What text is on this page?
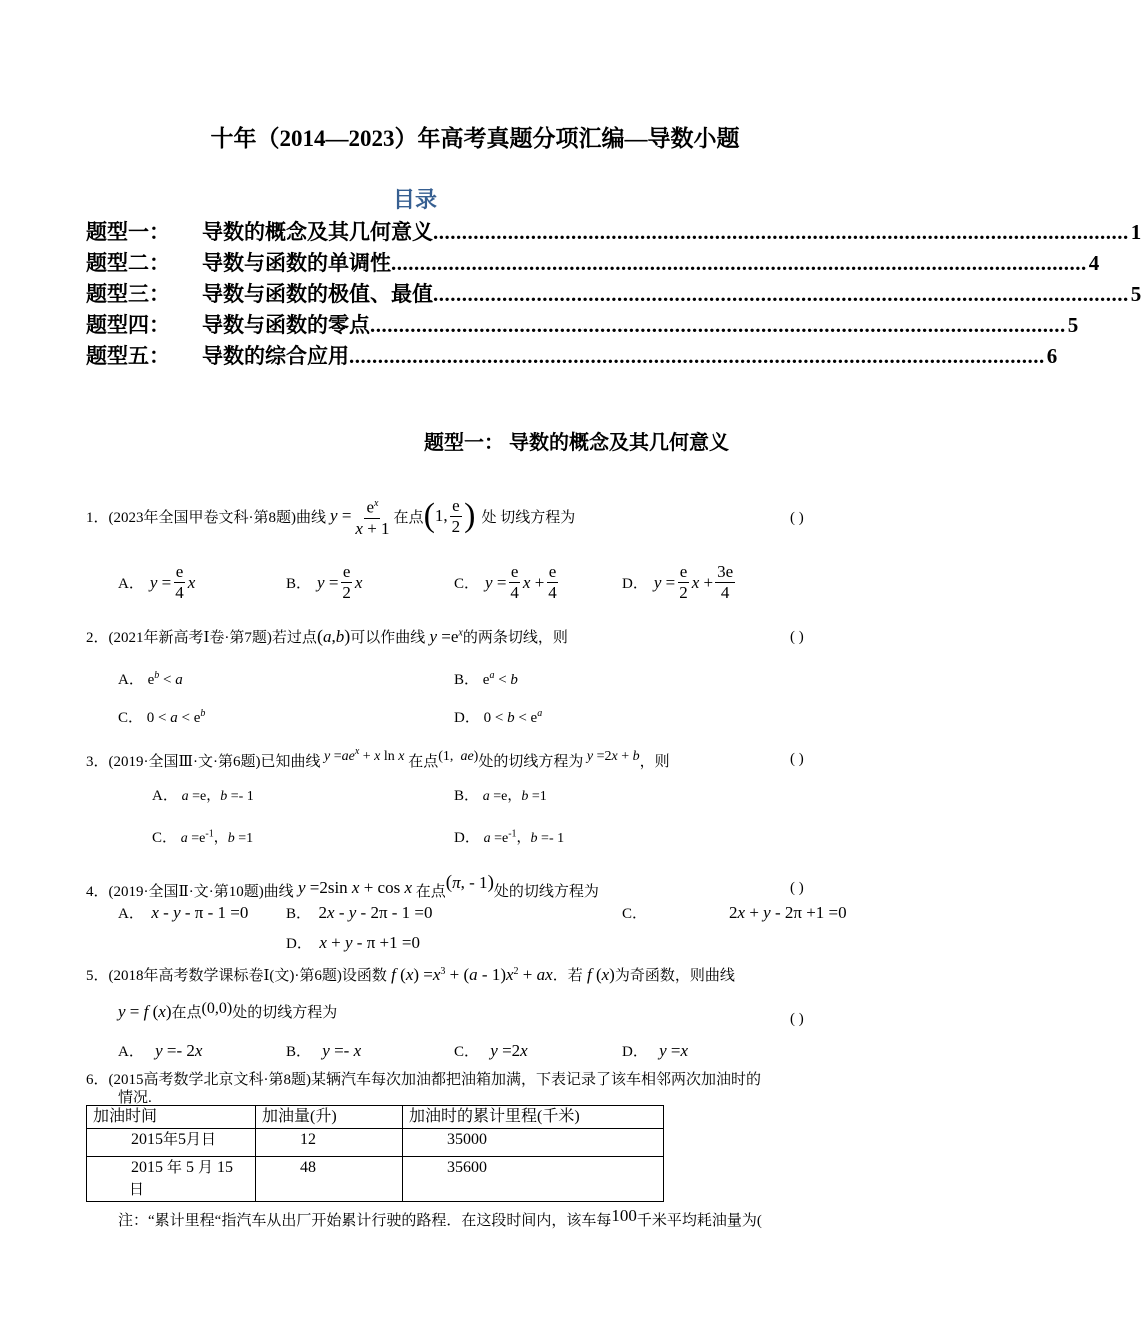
十年（2014—2023）年高考真题分项汇编—导数小题
目录
题型一：	导数的概念及其几何意义 ......................................................................................................................... 1
题型二：	导数与函数的单调性 ......................................................................................................................... 4
题型三：	导数与函数的极值、最值 ......................................................................................................................... 5
题型四：	导数与函数的零点 ......................................................................................................................... 5
题型五：	导数的综合应用 ......................................................................................................................... 6
题型一： 导数的概念及其几何意义
1． (2023年全国甲卷文科·第8题)曲线 $y = \frac{e^x}{x + 1}$ 在点 ( 1, $\frac{e}{2}$ ) 处 切线方程为	( )
A． $y = \frac{e}{4}$ x	B． $y = \frac{e}{2}$ x	C． $y = \frac{e}{4}$ $x + \frac{e}{4}$	D． $y = \frac{e}{2}$ $x + \frac{3e}{4}$
2．(2021年新高考Ⅰ卷·第7题)若过点(a,b)可以作曲线 $y =e^x$的两条切线，则	( )
A． $e^b < a$	B． $e^a < b$
C． $0 < a < e^b$	D． $0 < b < e^a$
3．(2019·全国Ⅲ·文·第6题)已知曲线 $y =ae^x + x$ ln x 在点(1,  ae)处的切线方程为 y =2x + b，则	( )
A． a =e，b =- 1	B． a =e，b =1
C． $a =e^{-1}$，b =1	D． $a =e^{-1}$，b =- 1
4．(2019·全国Ⅱ·文·第10题)曲线 y =2sin x + cos x 在点(π, - 1)处的切线方程为	( )
A． x - y - π - 1 =0	B． 2x - y - 2π - 1 =0	C．	2x + y - 2π +1 =0
D． x + y - π +1 =0
5．(2018年高考数学课标卷Ⅰ(文)·第6题)设函数 f $(x) =x^3 + (a - 1)x^2$ + ax．若 f (x)为奇函数，则曲线
y = f (x)在点(0,0)处的切线方程为	( )
A． y =- 2x	B． y =- x	C． y =2x	D． y =x
6．(2015高考数学北京文科·第8题)某辆汽车每次加油都把油箱加满，下表记录了该车相邻两次加油时的
情况.
加油时间	加油量(升)	加油时的累计里程(千米)
2015年5月日	12	35000
2015 年 5 月 15
日	48	35600
注：“累计里程“指汽车从出厂开始累计行驶的路程．在这段时间内，该车每100千米平均耗油量为(
